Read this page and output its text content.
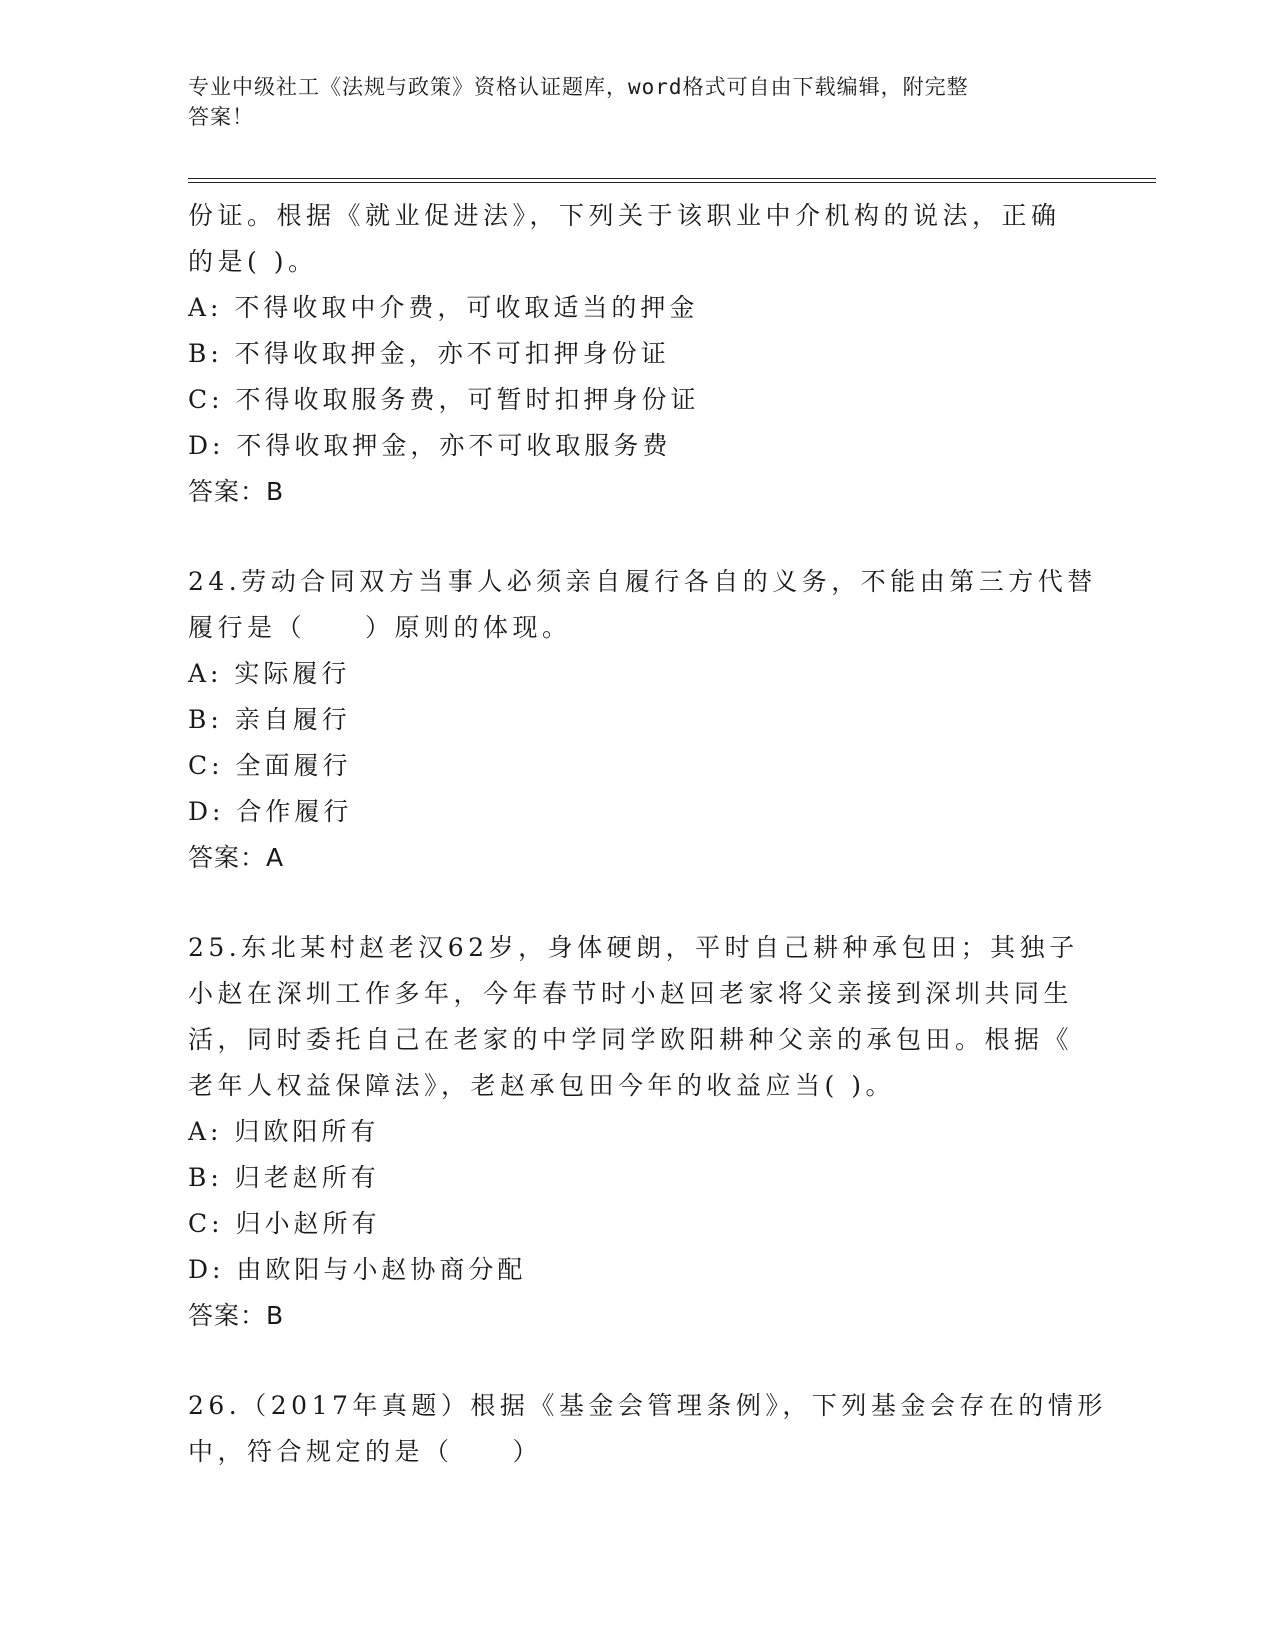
专业中级社工《法规与政策》资格认证题库，word格式可自由下载编辑，附完整
答案！
份证。根据《就业促进法》，下列关于该职业中介机构的说法，正确
的是( )。
A: 不得收取中介费，可收取适当的押金
B: 不得收取押金，亦不可扣押身份证
C: 不得收取服务费，可暂时扣押身份证
D: 不得收取押金，亦不可收取服务费
答案：B
24.劳动合同双方当事人必须亲自履行各自的义务，不能由第三方代替
履行是（　　）原则的体现。
A: 实际履行
B: 亲自履行
C: 全面履行
D: 合作履行
答案：A
25.东北某村赵老汉62岁，身体硬朗，平时自己耕种承包田；其独子
小赵在深圳工作多年，今年春节时小赵回老家将父亲接到深圳共同生
活，同时委托自己在老家的中学同学欧阳耕种父亲的承包田。根据《
老年人权益保障法》，老赵承包田今年的收益应当( )。
A: 归欧阳所有
B: 归老赵所有
C: 归小赵所有
D: 由欧阳与小赵协商分配
答案：B
26.（2017年真题）根据《基金会管理条例》，下列基金会存在的情形
中，符合规定的是（　　）
